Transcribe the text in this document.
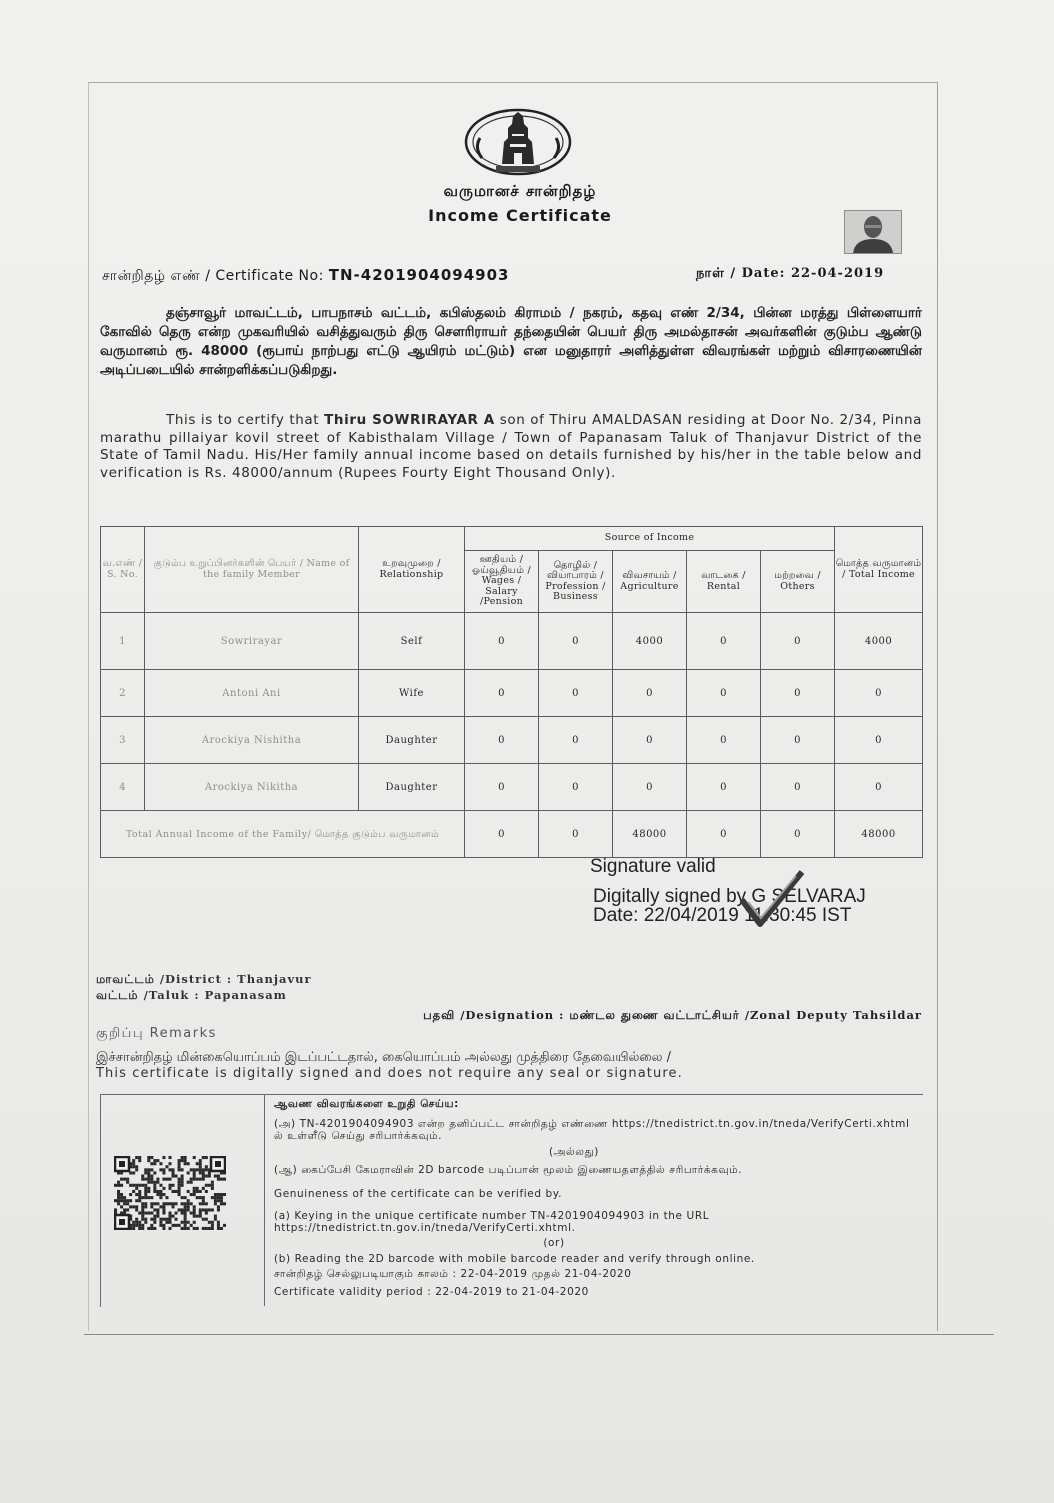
வருமானச் சான்றிதழ்
Income Certificate
சான்றிதழ் எண் / Certificate No: TN-4201904094903	நாள் / Date: 22-04-2019
தஞ்சாவூர் மாவட்டம், பாபநாசம் வட்டம், கபிஸ்தலம் கிராமம் / நகரம், கதவு எண் 2/34, பின்ன மரத்து பிள்ளையார் கோவில் தெரு என்ற முகவரியில் வசித்துவரும் திரு சௌரிராயர் தந்தையின் பெயர் திரு அமல்தாசன் அவர்களின் குடும்ப ஆண்டு வருமானம் ரூ. 48000 (ரூபாய் நாற்பது எட்டு ஆயிரம் மட்டும்) என மனுதாரர் அளித்துள்ள விவரங்கள் மற்றும் விசாரணையின் அடிப்படையில் சான்றளிக்கப்படுகிறது.
This is to certify that Thiru SOWRIRAYAR A son of Thiru AMALDASAN residing at Door No. 2/34, Pinna marathu pillaiyar kovil street of Kabisthalam Village / Town of Papanasam Taluk of Thanjavur District of the State of Tamil Nadu. His/Her family annual income based on details furnished by his/her in the table below and verification is Rs. 48000/annum (Rupees Fourty Eight Thousand Only).
வ.எண் / S. No.	குடும்ப உறுப்பினர்களின் பெயர் / Name of the family Member	உறவுமுறை / Relationship	Source of Income					மொத்த வருமானம் / Total Income
			ஊதியம் / ஓய்வூதியம் / Wages / Salary /Pension	தொழில் / வியாபாரம் / Profession / Business	விவசாயம் / Agriculture	வாடகை / Rental	மற்றவை / Others	
1	Sowrirayar	Self	0	0	4000	0	0	4000
2	Antoni Ani	Wife	0	0	0	0	0	0
3	Arockiya Nishitha	Daughter	0	0	0	0	0	0
4	Arockiya Nikitha	Daughter	0	0	0	0	0	0
Total Annual Income of the Family/ மொத்த குடும்ப வருமானம்			0	0	48000	0	0	48000
Signature valid
Digitally signed by G SELVARAJ
Date: 22/04/2019 11:30:45 IST
மாவட்டம் /District : Thanjavur
வட்டம் /Taluk : Papanasam
பதவி /Designation : மண்டல துணை வட்டாட்சியர் /Zonal Deputy Tahsildar
குறிப்பு Remarks
இச்சான்றிதழ் மின்கையொப்பம் இடப்பட்டதால், கையொப்பம் அல்லது முத்திரை தேவையில்லை /
This certificate is digitally signed and does not require any seal or signature.
ஆவண விவரங்களை உறுதி செய்ய:
(அ) TN-4201904094903 என்ற தனிப்பட்ட சான்றிதழ் எண்ணை https://tnedistrict.tn.gov.in/tneda/VerifyCerti.xhtml ல் உள்ளீடு செய்து சரிபார்க்கவும்.
(அல்லது)
(ஆ) கைப்பேசி கேமராவின் 2D barcode படிப்பான் மூலம் இணையதளத்தில் சரிபார்க்கவும்.
Genuineness of the certificate can be verified by.
(a) Keying in the unique certificate number TN-4201904094903 in the URL https://tnedistrict.tn.gov.in/tneda/VerifyCerti.xhtml.
(or)
(b) Reading the 2D barcode with mobile barcode reader and verify through online.
சான்றிதழ் செல்லுபடியாகும் காலம் : 22-04-2019 முதல் 21-04-2020
Certificate validity period : 22-04-2019 to 21-04-2020
